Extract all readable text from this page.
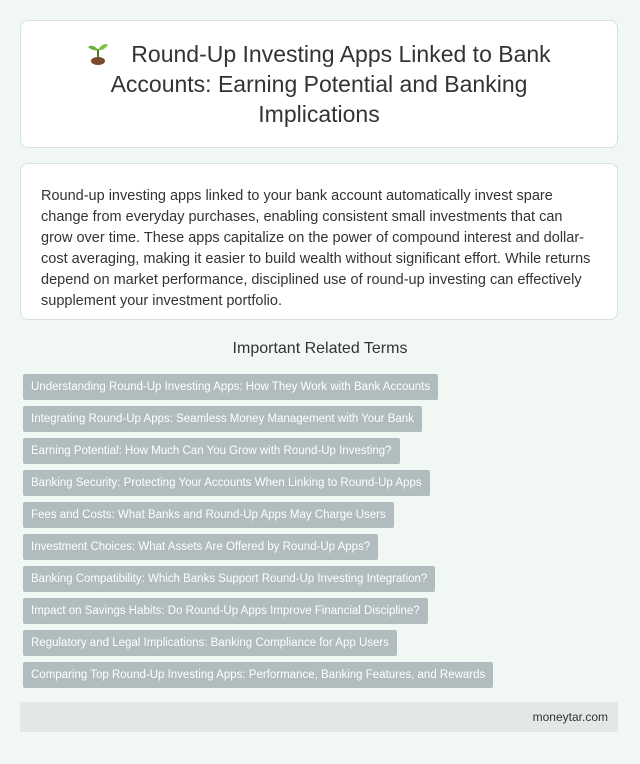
Round-Up Investing Apps Linked to Bank Accounts: Earning Potential and Banking Implications

Round-up investing apps linked to your bank account automatically invest spare change from everyday purchases, enabling consistent small investments that can grow over time. These apps capitalize on the power of compound interest and dollar-cost averaging, making it easier to build wealth without significant effort. While returns depend on market performance, disciplined use of round-up investing can effectively supplement your investment portfolio.

Important Related Terms
Understanding Round-Up Investing Apps: How They Work with Bank Accounts
Integrating Round-Up Apps: Seamless Money Management with Your Bank
Earning Potential: How Much Can You Grow with Round-Up Investing?
Banking Security: Protecting Your Accounts When Linking to Round-Up Apps
Fees and Costs: What Banks and Round-Up Apps May Charge Users
Investment Choices: What Assets Are Offered by Round-Up Apps?
Banking Compatibility: Which Banks Support Round-Up Investing Integration?
Impact on Savings Habits: Do Round-Up Apps Improve Financial Discipline?
Regulatory and Legal Implications: Banking Compliance for App Users
Comparing Top Round-Up Investing Apps: Performance, Banking Features, and Rewards
moneytar.com
